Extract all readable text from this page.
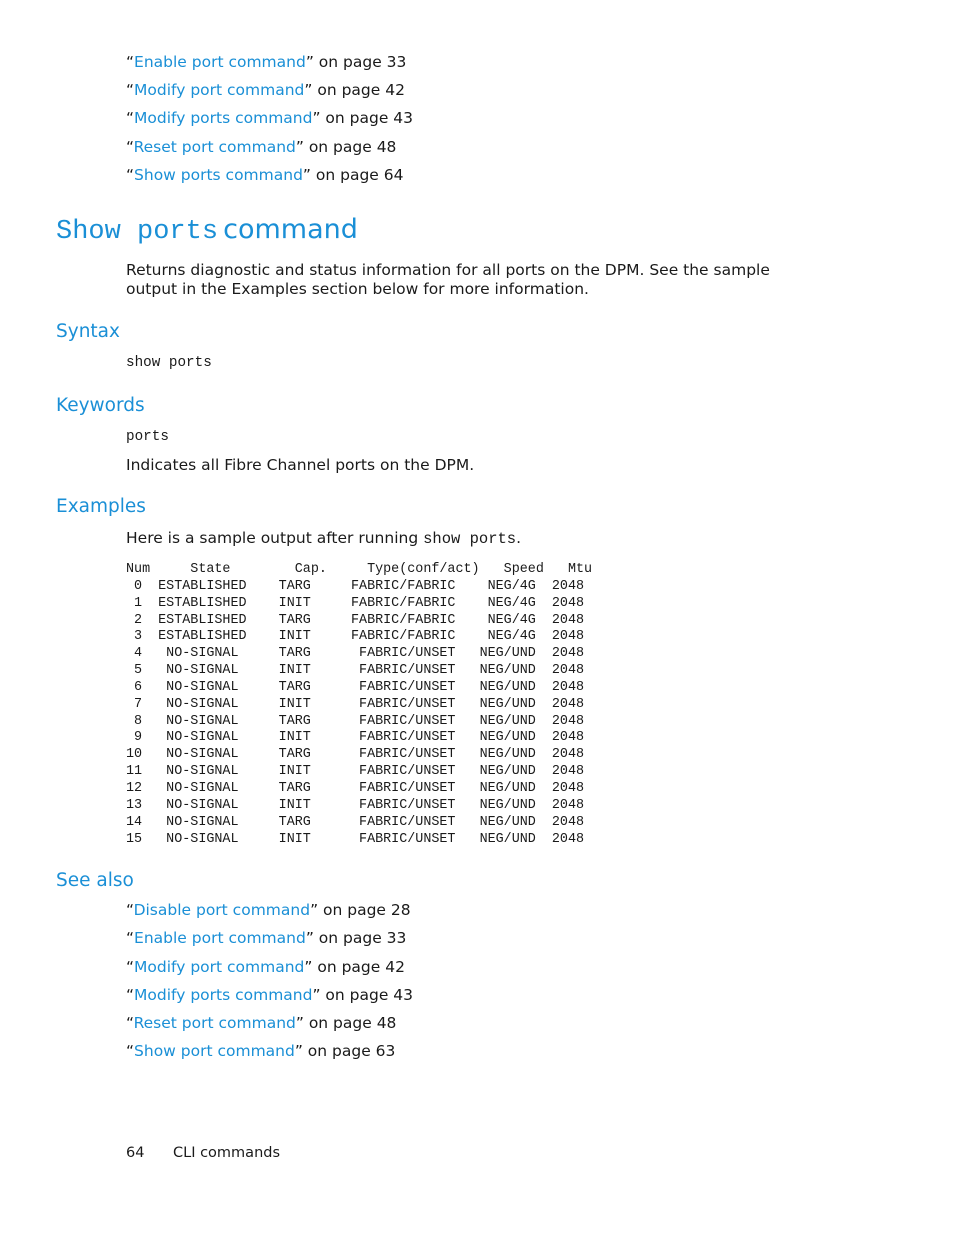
“Enable port command” on page 33
“Modify port command” on page 42
“Modify ports command” on page 43
“Reset port command” on page 48
“Show ports command” on page 64
Show ports command
Returns diagnostic and status information for all ports on the DPM. See the sample output in the Examples section below for more information.
Syntax
show ports
Keywords
ports
Indicates all Fibre Channel ports on the DPM.
Examples
Here is a sample output after running show ports.
Num     State        Cap.     Type(conf/act)   Speed   Mtu
0  ESTABLISHED    TARG     FABRIC/FABRIC    NEG/4G  2048
1  ESTABLISHED    INIT     FABRIC/FABRIC    NEG/4G  2048
2  ESTABLISHED    TARG     FABRIC/FABRIC    NEG/4G  2048
3  ESTABLISHED    INIT     FABRIC/FABRIC    NEG/4G  2048
4   NO-SIGNAL     TARG      FABRIC/UNSET   NEG/UND  2048
5   NO-SIGNAL     INIT      FABRIC/UNSET   NEG/UND  2048
6   NO-SIGNAL     TARG      FABRIC/UNSET   NEG/UND  2048
7   NO-SIGNAL     INIT      FABRIC/UNSET   NEG/UND  2048
8   NO-SIGNAL     TARG      FABRIC/UNSET   NEG/UND  2048
9   NO-SIGNAL     INIT      FABRIC/UNSET   NEG/UND  2048
10   NO-SIGNAL     TARG      FABRIC/UNSET   NEG/UND  2048
11   NO-SIGNAL     INIT      FABRIC/UNSET   NEG/UND  2048
12   NO-SIGNAL     TARG      FABRIC/UNSET   NEG/UND  2048
13   NO-SIGNAL     INIT      FABRIC/UNSET   NEG/UND  2048
14   NO-SIGNAL     TARG      FABRIC/UNSET   NEG/UND  2048
15   NO-SIGNAL     INIT      FABRIC/UNSET   NEG/UND  2048
See also
“Disable port command” on page 28
“Enable port command” on page 33
“Modify port command” on page 42
“Modify ports command” on page 43
“Reset port command” on page 48
“Show port command” on page 63
64 CLI commands
